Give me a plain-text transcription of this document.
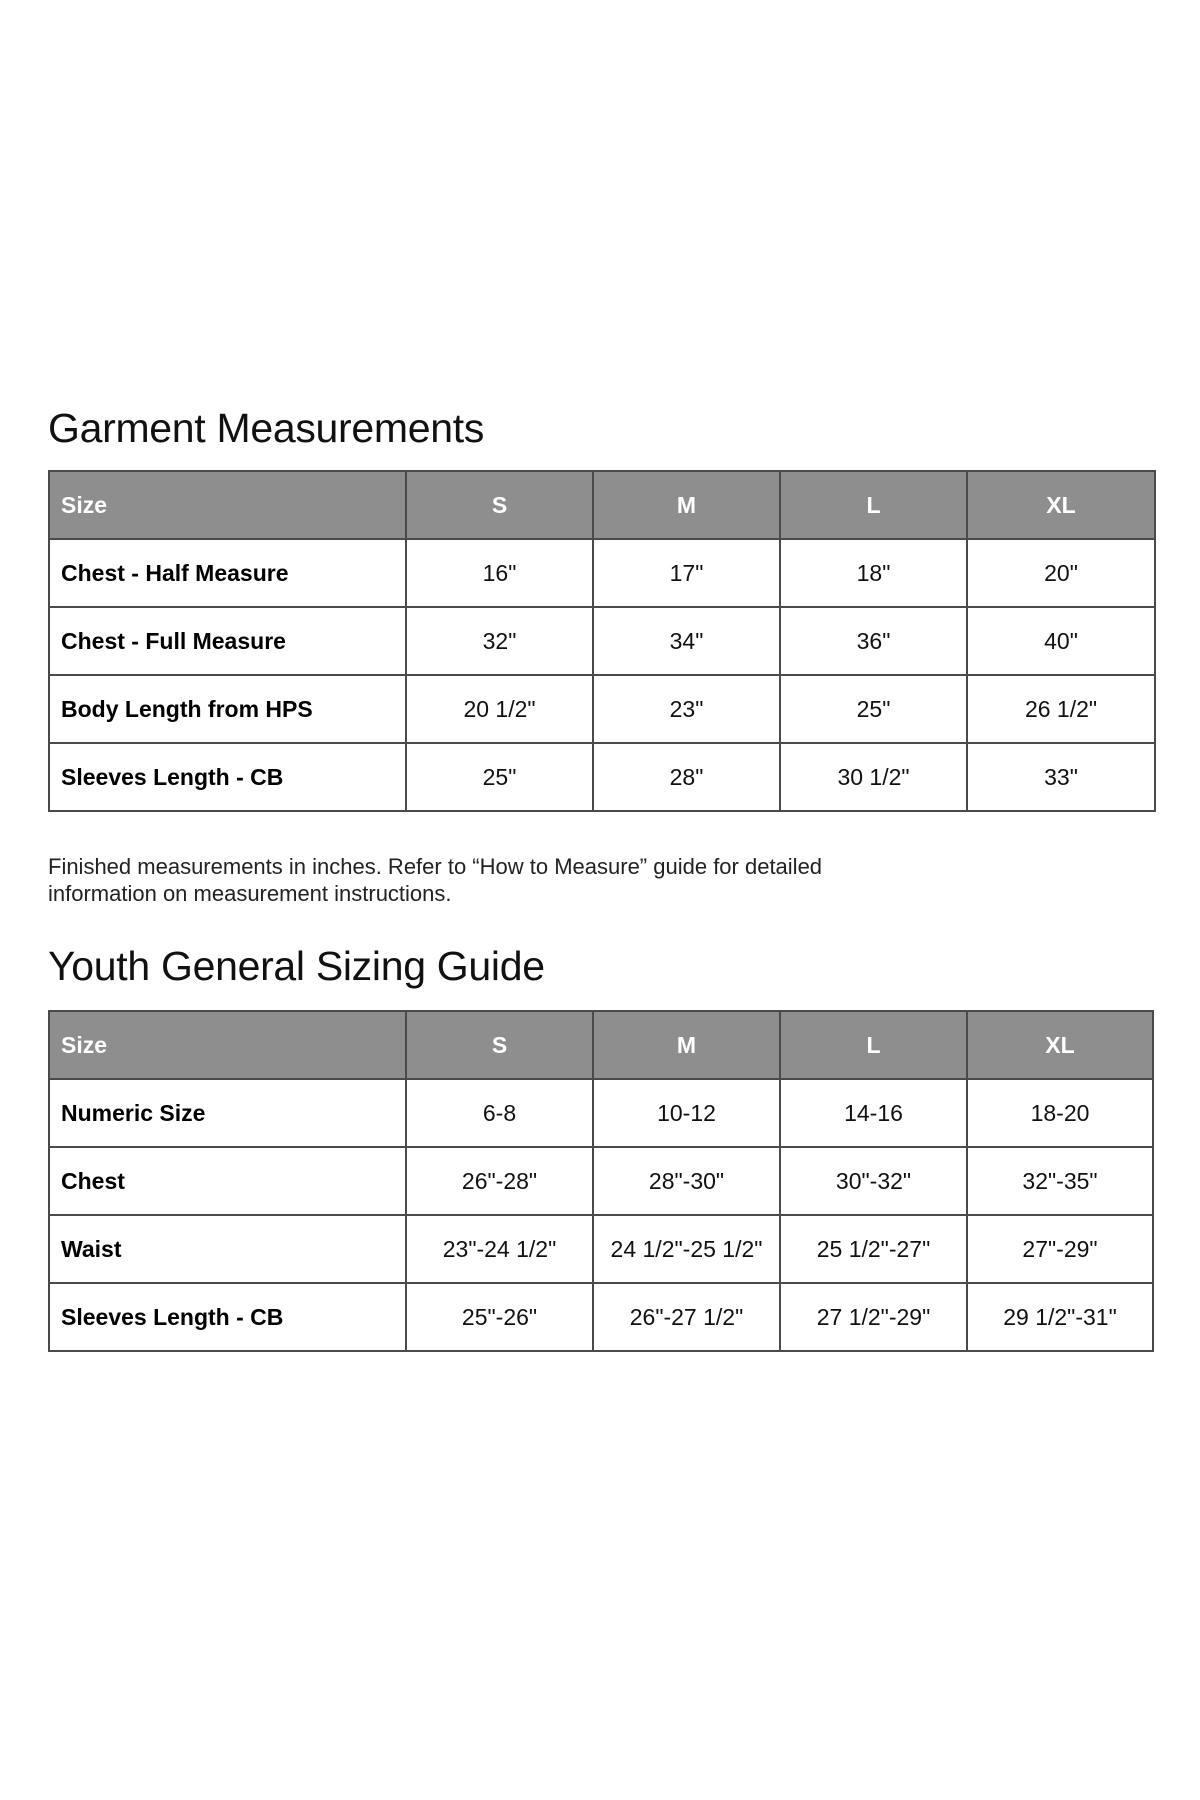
Garment Measurements
Size	S	M	L	XL
Chest - Half Measure	16"	17"	18"	20"
Chest - Full Measure	32"	34"	36"	40"
Body Length from HPS	20 1/2"	23"	25"	26 1/2"
Sleeves Length - CB	25"	28"	30 1/2"	33"
Finished measurements in inches. Refer to “How to Measure” guide for detailed
information on measurement instructions.
Youth General Sizing Guide
Size	S	M	L	XL
Numeric Size	6-8	10-12	14-16	18-20
Chest	26"-28"	28"-30"	30"-32"	32"-35"
Waist	23"-24 1/2"	24 1/2"-25 1/2"	25 1/2"-27"	27"-29"
Sleeves Length - CB	25"-26"	26"-27 1/2"	27 1/2"-29"	29 1/2"-31"
